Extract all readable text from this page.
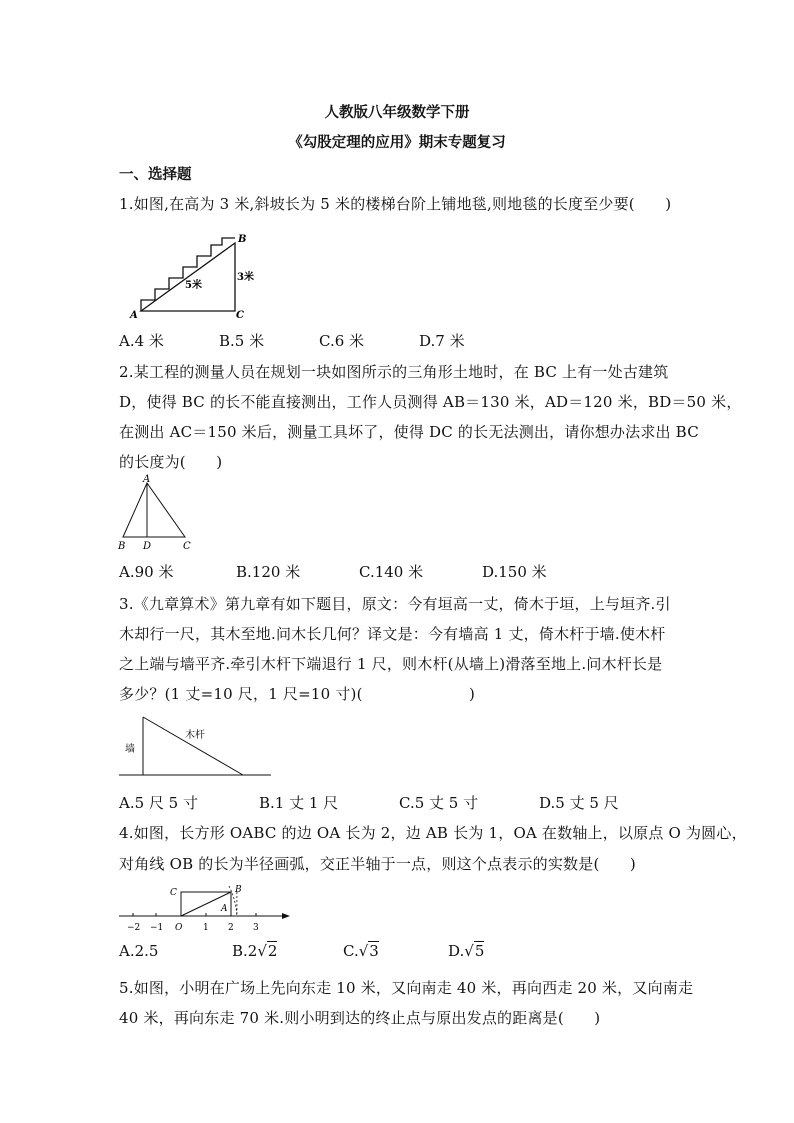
人教版八年级数学下册
《勾股定理的应用》期末专题复习
一、选择题
1.如图,在高为 3 米,斜坡长为 5 米的楼梯台阶上铺地毯,则地毯的长度至少要(　　)
A
B
C
5米
3米
A.4 米	B.5 米	C.6 米	D.7 米
2.某工程的测量人员在规划一块如图所示的三角形土地时，在 BC 上有一处古建筑
D，使得 BC 的长不能直接测出，工作人员测得 AB＝130 米，AD＝120 米，BD＝50 米，
在测出 AC＝150 米后，测量工具坏了，使得 DC 的长无法测出，请你想办法求出 BC
的长度为(　　)
A
B D	C
A.90 米	B.120 米	C.140 米	D.150 米
3.《九章算术》第九章有如下题目，原文：今有垣高一丈，倚木于垣，上与垣齐.引
木却行一尺，其木至地.问木长几何？译文是：今有墙高 1 丈，倚木杆于墙.使木杆
之上端与墙平齐.牵引木杆下端退行 1 尺，则木杆(从墙上)滑落至地上.问木杆长是
多少？(1 丈=10 尺，1 尺=10 寸)(　　　　　　　)
墙
木杆
A.5 尺 5 寸	B.1 丈 1 尺	C.5 丈 5 寸	D.5 丈 5 尺
4.如图，长方形 OABC 的边 OA 长为 2，边 AB 长为 1，OA 在数轴上，以原点 O 为圆心，
对角线 OB 的长为半径画弧，交正半轴于一点，则这个点表示的实数是(　　)
C	B
O
A
−2 −1	1 2 3
A.2.5	B.2√2	C.√3	D.√5
5.如图，小明在广场上先向东走 10 米，又向南走 40 米，再向西走 20 米，又向南走
40 米，再向东走 70 米.则小明到达的终止点与原出发点的距离是(　　)
